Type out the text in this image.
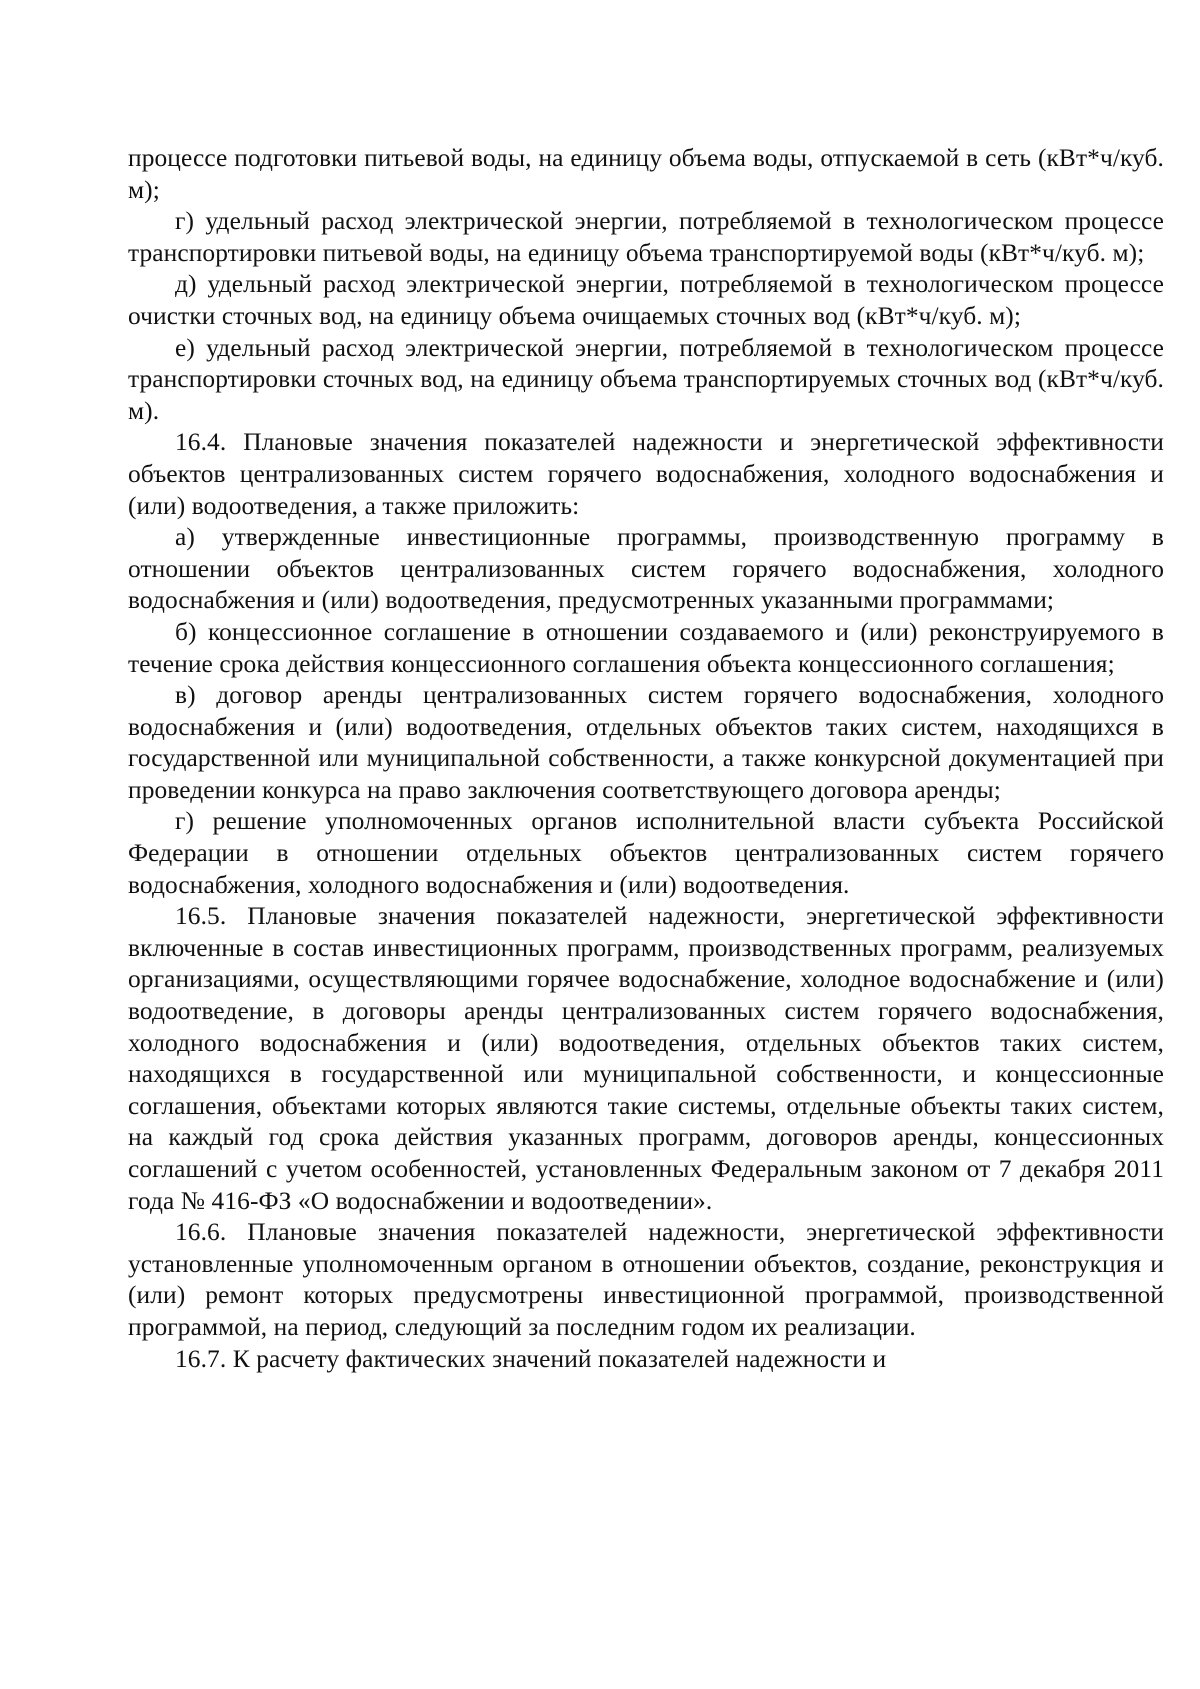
процессе подготовки питьевой воды, на единицу объема воды, отпускаемой в сеть (кВт*ч/куб. м);

г) удельный расход электрической энергии, потребляемой в технологическом процессе транспортировки питьевой воды, на единицу объема транспортируемой воды (кВт*ч/куб. м);

д) удельный расход электрической энергии, потребляемой в технологическом процессе очистки сточных вод, на единицу объема очищаемых сточных вод (кВт*ч/куб. м);

е) удельный расход электрической энергии, потребляемой в технологическом процессе транспортировки сточных вод, на единицу объема транспортируемых сточных вод (кВт*ч/куб. м).

16.4. Плановые значения показателей надежности и энергетической эффективности объектов централизованных систем горячего водоснабжения, холодного водоснабжения и (или) водоотведения, а также приложить:

а) утвержденные инвестиционные программы, производственную программу в отношении объектов централизованных систем горячего водоснабжения, холодного водоснабжения и (или) водоотведения, предусмотренных указанными программами;

б) концессионное соглашение в отношении создаваемого и (или) реконструируемого в течение срока действия концессионного соглашения объекта концессионного соглашения;

в) договор аренды централизованных систем горячего водоснабжения, холодного водоснабжения и (или) водоотведения, отдельных объектов таких систем, находящихся в государственной или муниципальной собственности, а также конкурсной документацией при проведении конкурса на право заключения соответствующего договора аренды;

г) решение уполномоченных органов исполнительной власти субъекта Российской Федерации в отношении отдельных объектов централизованных систем горячего водоснабжения, холодного водоснабжения и (или) водоотведения.

16.5. Плановые значения показателей надежности, энергетической эффективности включенные в состав инвестиционных программ, производственных программ, реализуемых организациями, осуществляющими горячее водоснабжение, холодное водоснабжение и (или) водоотведение, в договоры аренды централизованных систем горячего водоснабжения, холодного водоснабжения и (или) водоотведения, отдельных объектов таких систем, находящихся в государственной или муниципальной собственности, и концессионные соглашения, объектами которых являются такие системы, отдельные объекты таких систем, на каждый год срока действия указанных программ, договоров аренды, концессионных соглашений с учетом особенностей, установленных Федеральным законом от 7 декабря 2011 года № 416-ФЗ «О водоснабжении и водоотведении».

16.6. Плановые значения показателей надежности, энергетической эффективности установленные уполномоченным органом в отношении объектов, создание, реконструкция и (или) ремонт которых предусмотрены инвестиционной программой, производственной программой, на период, следующий за последним годом их реализации.

16.7. К расчету фактических значений показателей надежности и
